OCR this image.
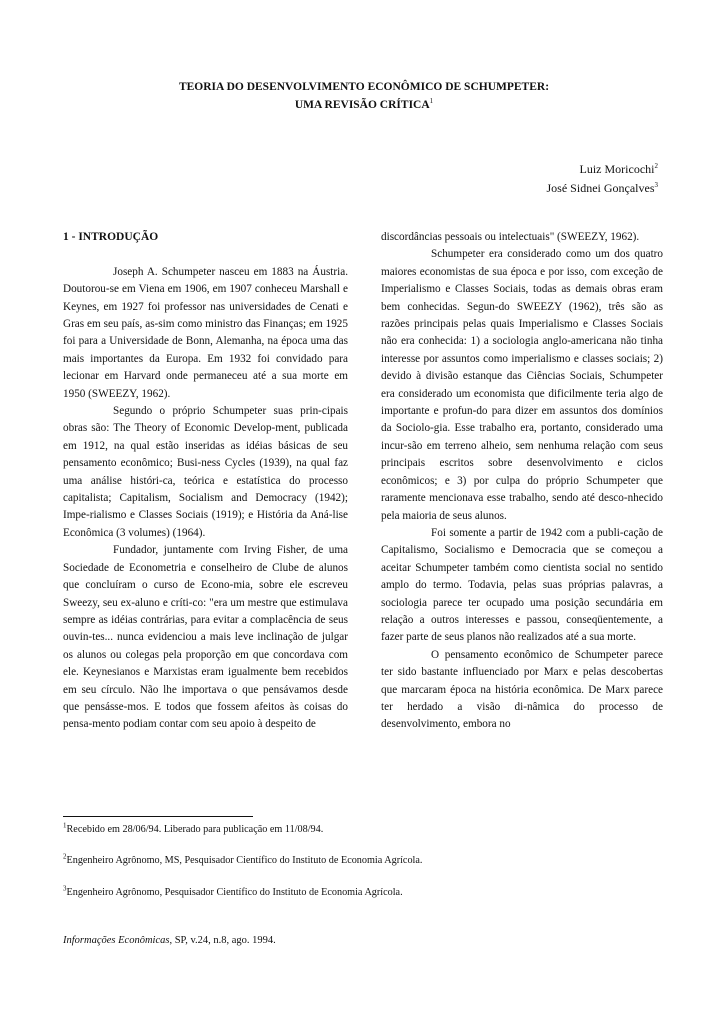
TEORIA DO DESENVOLVIMENTO ECONÔMICO DE SCHUMPETER:
UMA REVISÃO CRÍTICA$^1$
Luiz Moricochi$^2$
José Sidnei Gonçalves$^3$

1 - INTRODUÇÃO

Joseph A. Schumpeter nasceu em 1883 na Áustria. Doutorou-se em Viena em 1906, em 1907 conheceu Marshall e Keynes, em 1927 foi professor nas universidades de Cenati e Gras em seu país, as-sim como ministro das Finanças; em 1925 foi para a Universidade de Bonn, Alemanha, na época uma das mais importantes da Europa. Em 1932 foi convidado para lecionar em Harvard onde permaneceu até a sua morte em 1950 (SWEEZY, 1962).

Segundo o próprio Schumpeter suas prin-cipais obras são: The Theory of Economic Develop-ment, publicada em 1912, na qual estão inseridas as idéias básicas de seu pensamento econômico; Busi-ness Cycles (1939), na qual faz uma análise históri-ca, teórica e estatística do processo capitalista; Capitalism, Socialism and Democracy (1942); Impe-rialismo e Classes Sociais (1919); e História da Aná-lise Econômica (3 volumes) (1964).

Fundador, juntamente com Irving Fisher, de uma Sociedade de Econometria e conselheiro de Clube de alunos que concluíram o curso de Econo-mia, sobre ele escreveu Sweezy, seu ex-aluno e críti-co: "era um mestre que estimulava sempre as idéias contrárias, para evitar a complacência de seus ouvin-tes... nunca evidenciou a mais leve inclinação de julgar os alunos ou colegas pela proporção em que concordava com ele. Keynesianos e Marxistas eram igualmente bem recebidos em seu círculo. Não lhe importava o que pensávamos desde que pensásse-mos. E todos que fossem afeitos às coisas do pensa-mento podiam contar com seu apoio à despeito de

discordâncias pessoais ou intelectuais" (SWEEZY, 1962).

Schumpeter era considerado como um dos quatro maiores economistas de sua época e por isso, com exceção de Imperialismo e Classes Sociais, todas as demais obras eram bem conhecidas. Segun-do SWEEZY (1962), três são as razões principais pelas quais Imperialismo e Classes Sociais não era conhecida: 1) a sociologia anglo-americana não tinha interesse por assuntos como imperialismo e classes sociais; 2) devido à divisão estanque das Ciências Sociais, Schumpeter era considerado um economista que dificilmente teria algo de importante e profun-do para dizer em assuntos dos domínios da Sociolo-gia. Esse trabalho era, portanto, considerado uma incur-são em terreno alheio, sem nenhuma relação com seus principais escritos sobre desenvolvimento e ciclos econômicos; e 3) por culpa do próprio Schumpeter que raramente mencionava esse trabalho, sendo até desco-nhecido pela maioria de seus alunos.

Foi somente a partir de 1942 com a publi-cação de Capitalismo, Socialismo e Democracia que se começou a aceitar Schumpeter também como cientista social no sentido amplo do termo. Todavia, pelas suas próprias palavras, a sociologia parece ter ocupado uma posição secundária em relação a outros interesses e passou, conseqüentemente, a fazer parte de seus planos não realizados até a sua morte.

O pensamento econômico de Schumpeter parece ter sido bastante influenciado por Marx e pelas descobertas que marcaram época na história econômica. De Marx parece ter herdado a visão di-nâmica do processo de desenvolvimento, embora no

$^1$Recebido em 28/06/94. Liberado para publicação em 11/08/94.
$^2$Engenheiro Agrônomo, MS, Pesquisador Científico do Instituto de Economia Agrícola.
$^3$Engenheiro Agrônomo, Pesquisador Científico do Instituto de Economia Agrícola.
Informações Econômicas, SP, v.24, n.8, ago. 1994.
